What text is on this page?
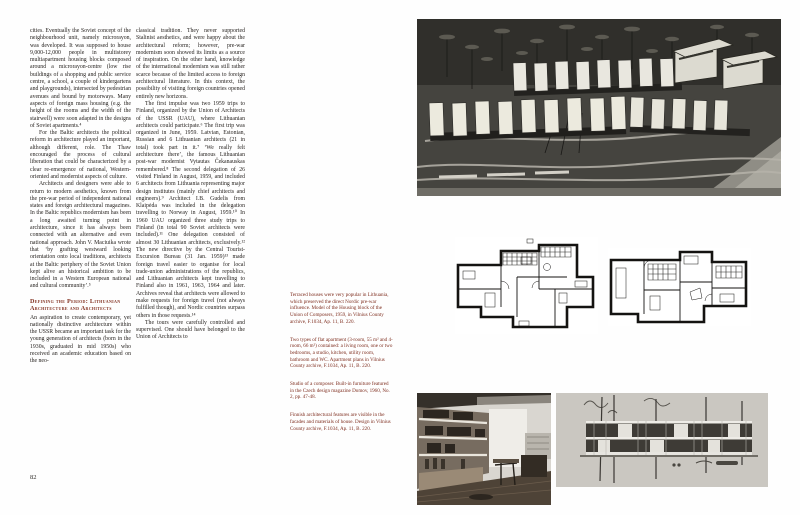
cities. Eventually the Soviet concept of the neighbourhood unit, namely microrayon, was developed. It was supposed to house 9,000-12,000 people in multistorey multiapartment housing blocks composed around a microrayon-centre (low rise buildings of a shopping and public service centre, a school, a couple of kindergartens and playgrounds), intersected by pedestrian avenues and bound by motorways. Many aspects of foreign mass housing (e.g. the height of the rooms and the width of the stairwell) were soon adapted in the designs of Soviet apartments.⁴

For the Baltic architects the political reform in architecture played an important, although different, role. The Thaw encouraged the process of cultural liberation that could be characterized by a clear re-emergence of national, Western-oriented and modernist aspects of culture.

Architects and designers were able to return to modern aesthetics, known from the pre-war period of independent national states and foreign architectural magazines. In the Baltic republics modernism has been a long awaited turning point in architecture, since it has always been connected with an alternative and even national approach. John V. Maciuika wrote that ‘by grafting westward looking orientation onto local traditions, architects at the Baltic periphery of the Soviet Union kept alive an historical ambition to be included in a Western European national and cultural community’.⁵

Defining the Period: Lithuanian Architecture and Architects

An aspiration to create contemporary, yet nationally distinctive architecture within the USSR became an important task for the young generation of architects (born in the 1930s, graduated in mid 1950s) who received an academic education based on the neo-

classical tradition. They never supported Stalinist aesthetics, and were happy about the architectural reform; however, pre-war modernism soon showed its limits as a source of inspiration. On the other hand, knowledge of the international modernism was still rather scarce because of the limited access to foreign architectural literature. In this context, the possibility of visiting foreign countries opened entirely new horizons.

The first impulse was two 1959 trips to Finland, organized by the Union of Architects of the USSR (UAU), where Lithuanian architects could participate.⁶ The first trip was organized in June, 1959. Latvian, Estonian, Russian and 6 Lithuanian architects (21 in total) took part in it.⁷ ‘We really felt architecture there’, the famous Lithuanian post-war modernist Vytautas Čekanauskas remembered.⁸ The second delegation of 26 visited Finland in August, 1959, and included 6 architects from Lithuania representing major design institutes (mainly chief architects and engineers).⁹ Architect I.B. Gudelis from Klaipėda was included in the delegation travelling to Norway in August, 1959.¹⁰ In 1960 UAU organized three study trips to Finland (in total 90 Soviet architects were included).¹¹ One delegation consisted of almost 30 Lithuanian architects, exclusively.¹² The new directive by the Central Tourist-Excursion Bureau (31 Jan. 1959)¹³ made foreign travel easier to organise for local trade-union administrations of the republics, and Lithuanian architects kept travelling to Finland also in 1961, 1963, 1964 and later. Archives reveal that architects were allowed to make requests for foreign travel (not always fulfilled though), and Nordic countries surpass others in those requests.¹⁴

The tours were carefully controlled and supervised. One should have belonged to the Union of Architects to

82

Terraced houses were very popular in Lithuania, which preserved the direct Nordic pre-war influence. Model of the Housing block of the Union of Composers, 1959, in Vilnius County archive, F.1034, Ap. 11, B. 220.

Two types of flat apartment (3-room, 55 m² and 4-room, 66 m²) contained: a living room, one or two bedrooms, a studio, kitchen, utility room, bathroom and WC. Apartment plans in Vilnius County archive, F.1034, Ap. 11, B. 220.

Studio of a composer. Built-in furniture featured in the Czech design magazine Domov, 1960, No. 2, pp. 47-48.

Finnish architectural features are visible in the facades and materials of house. Design in Vilnius County archive, F.1034, Ap. 11, B. 220.
